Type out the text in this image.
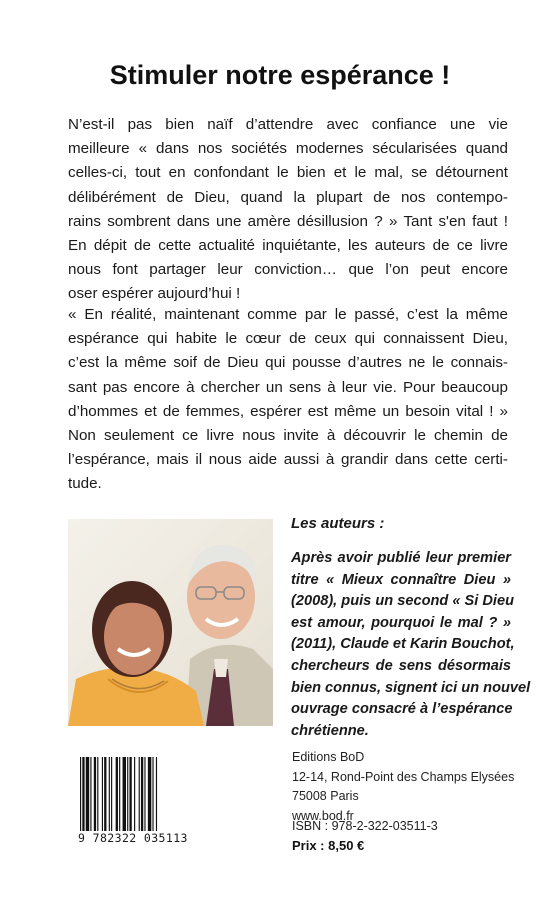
Stimuler notre espérance !

N’est-il pas bien naïf d’attendre avec confiance une vie
meilleure « dans nos sociétés modernes sécularisées quand
celles-ci, tout en confondant le bien et le mal, se détournent
délibérément de Dieu, quand la plupart de nos contempo-
rains sombrent dans une amère désillusion ? » Tant s'en faut !
En dépit de cette actualité inquiétante, les auteurs de ce livre
nous font partager leur conviction… que l’on peut encore
oser espérer aujourd’hui !

« En réalité, maintenant comme par le passé, c’est la même
espérance qui habite le cœur de ceux qui connaissent Dieu,
c’est la même soif de Dieu qui pousse d’autres ne le connais-
sant pas encore à chercher un sens à leur vie. Pour beaucoup
d’hommes et de femmes, espérer est même un besoin vital ! »
Non seulement ce livre nous invite à découvrir le chemin de
l’espérance, mais il nous aide aussi à grandir dans cette certi-
tude.

Les auteurs :

Après avoir publié leur premier
titre « Mieux connaître Dieu »
(2008), puis un second « Si Dieu
est amour, pourquoi le mal ? »
(2011), Claude et Karin Bouchot,
chercheurs de sens désormais
bien connus, signent ici un nouvel
ouvrage consacré à l’espérance
chrétienne.

9 782322 035113
Editions BoD
12-14, Rond-Point des Champs Elysées
75008 Paris
www.bod.fr
ISBN : 978-2-322-03511-3
Prix : 8,50 €
